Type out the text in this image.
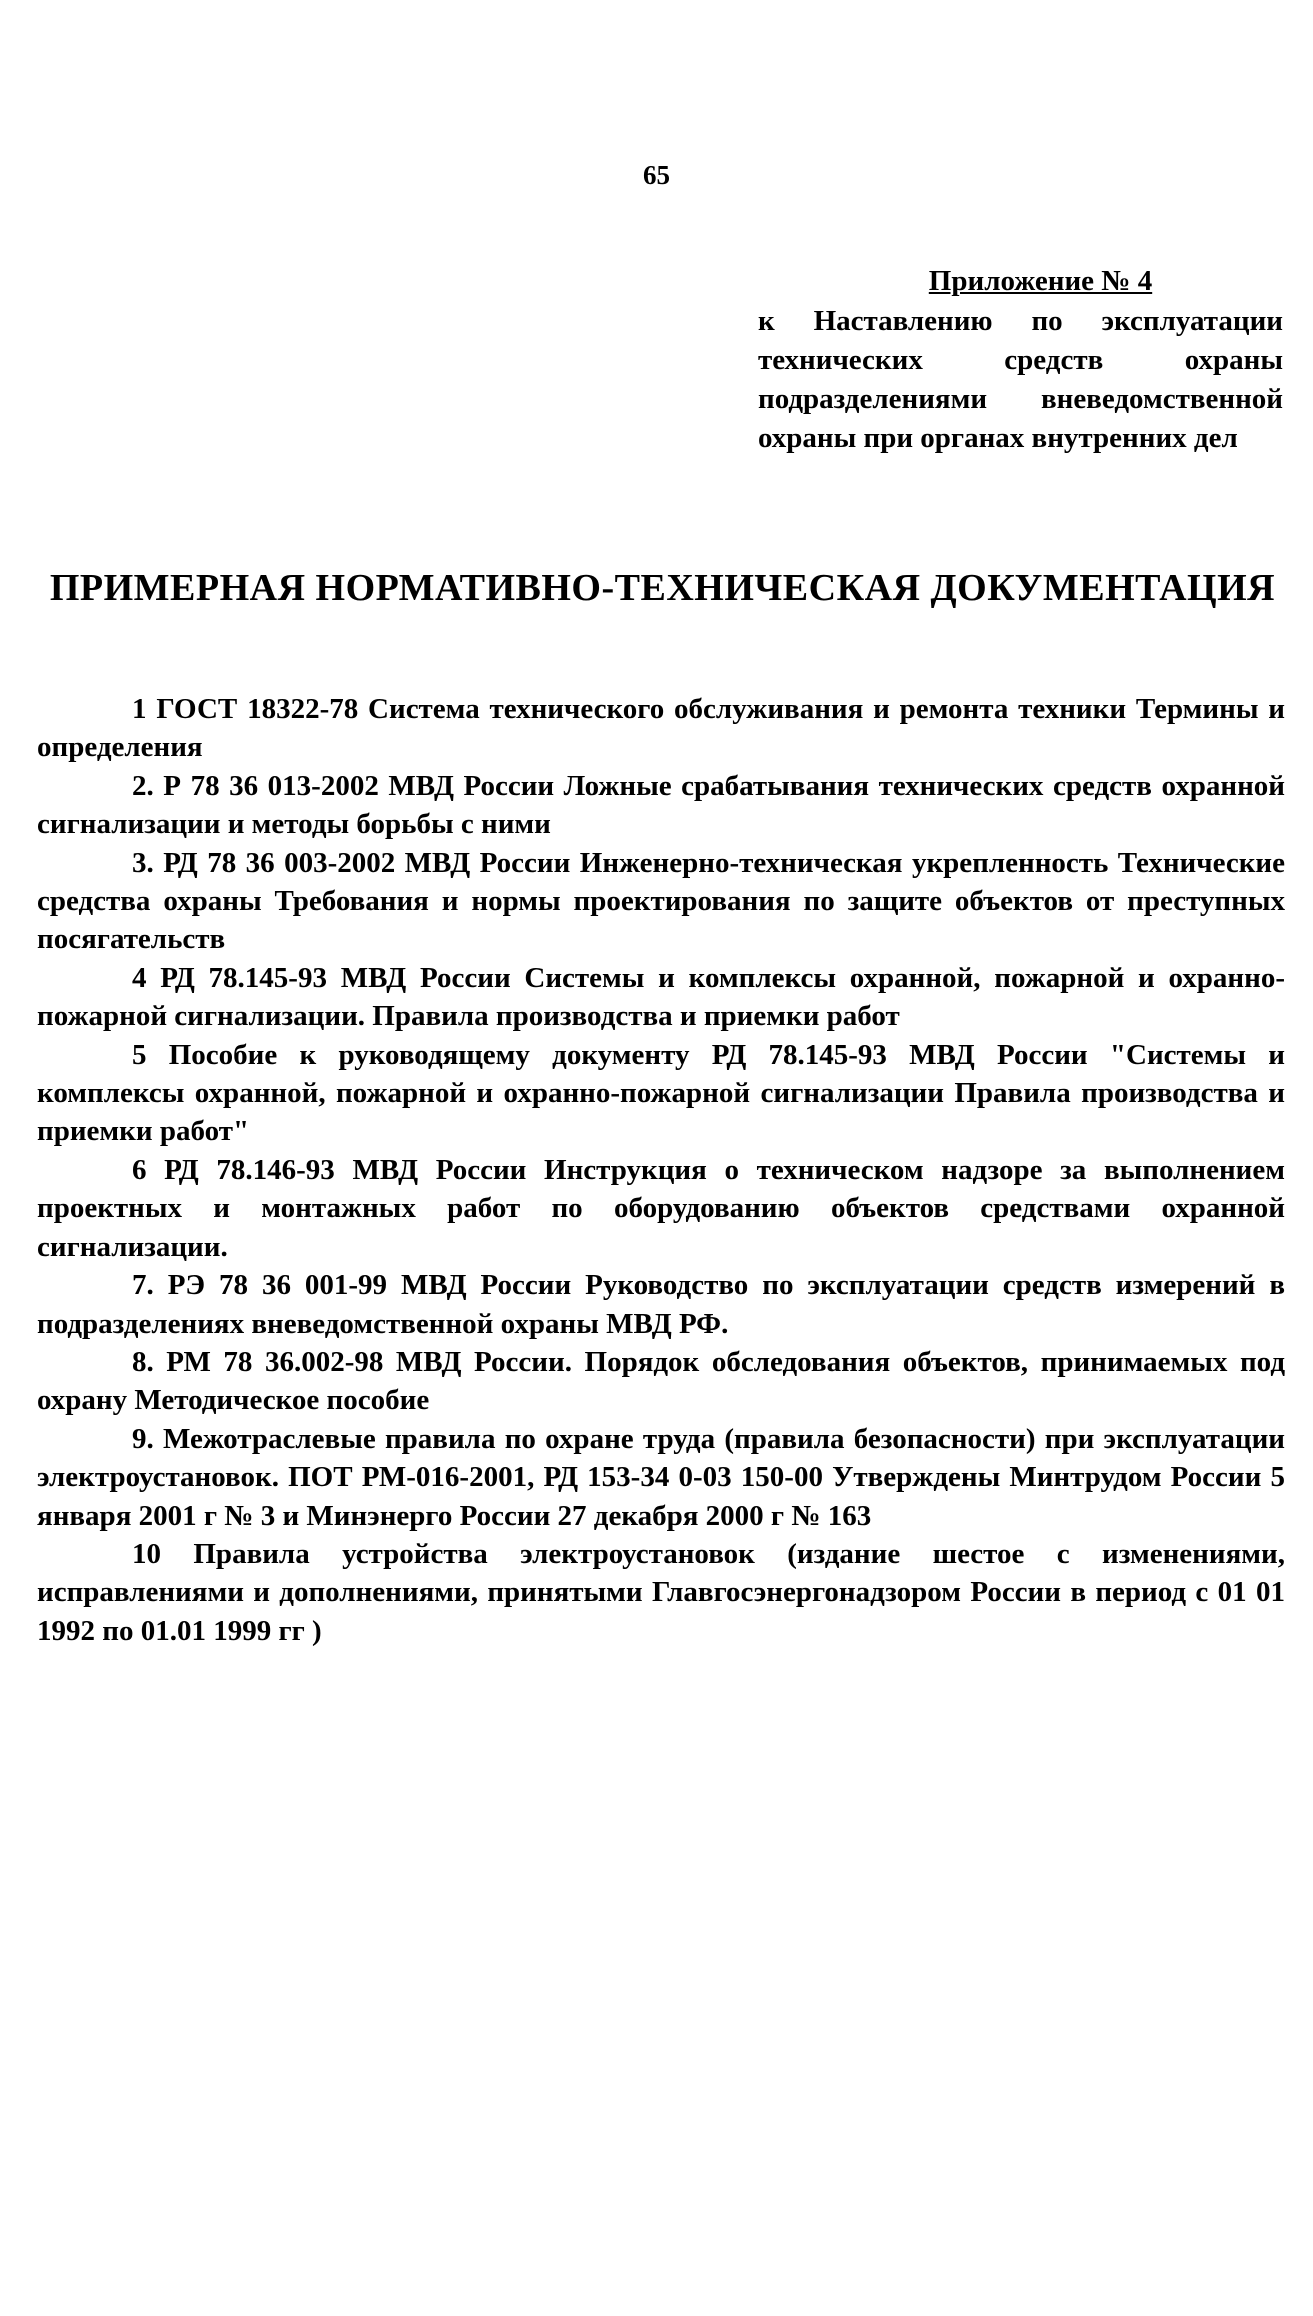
65
Приложение № 4
к Наставлению по эксплуатации технических средств охраны подразделениями вневедомственной охраны при органах внутренних дел
ПРИМЕРНАЯ НОРМАТИВНО-ТЕХНИЧЕСКАЯ ДОКУМЕНТАЦИЯ

1 ГОСТ 18322-78 Система технического обслуживания и ремонта техники Термины и определения

2. Р 78 36 013-2002 МВД России Ложные срабатывания технических средств охранной сигнализации и методы борьбы с ними

3. РД 78 36 003-2002 МВД России Инженерно-техническая укрепленность Технические средства охраны Требования и нормы проектирования по защите объектов от преступных посягательств

4 РД 78.145-93 МВД России Системы и комплексы охранной, пожарной и охранно-пожарной сигнализации. Правила производства и приемки работ

5 Пособие к руководящему документу РД 78.145-93 МВД России "Системы и комплексы охранной, пожарной и охранно-пожарной сигнализации Правила производства и приемки работ"

6 РД 78.146-93 МВД России Инструкция о техническом надзоре за выполнением проектных и монтажных работ по оборудованию объектов средствами охранной сигнализации.

7. РЭ 78 36 001-99 МВД России Руководство по эксплуатации средств измерений в подразделениях вневедомственной охраны МВД РФ.

8. РМ 78 36.002-98 МВД России. Порядок обследования объектов, принимаемых под охрану Методическое пособие

9. Межотраслевые правила по охране труда (правила безопасности) при эксплуатации электроустановок. ПОТ РМ-016-2001, РД 153-34 0-03 150-00 Утверждены Минтрудом России 5 января 2001 г № 3 и Минэнерго России 27 декабря 2000 г № 163

10 Правила устройства электроустановок (издание шестое с изменениями, исправлениями и дополнениями, принятыми Главгосэнергонадзором России в период с 01 01 1992 по 01.01 1999 гг )
